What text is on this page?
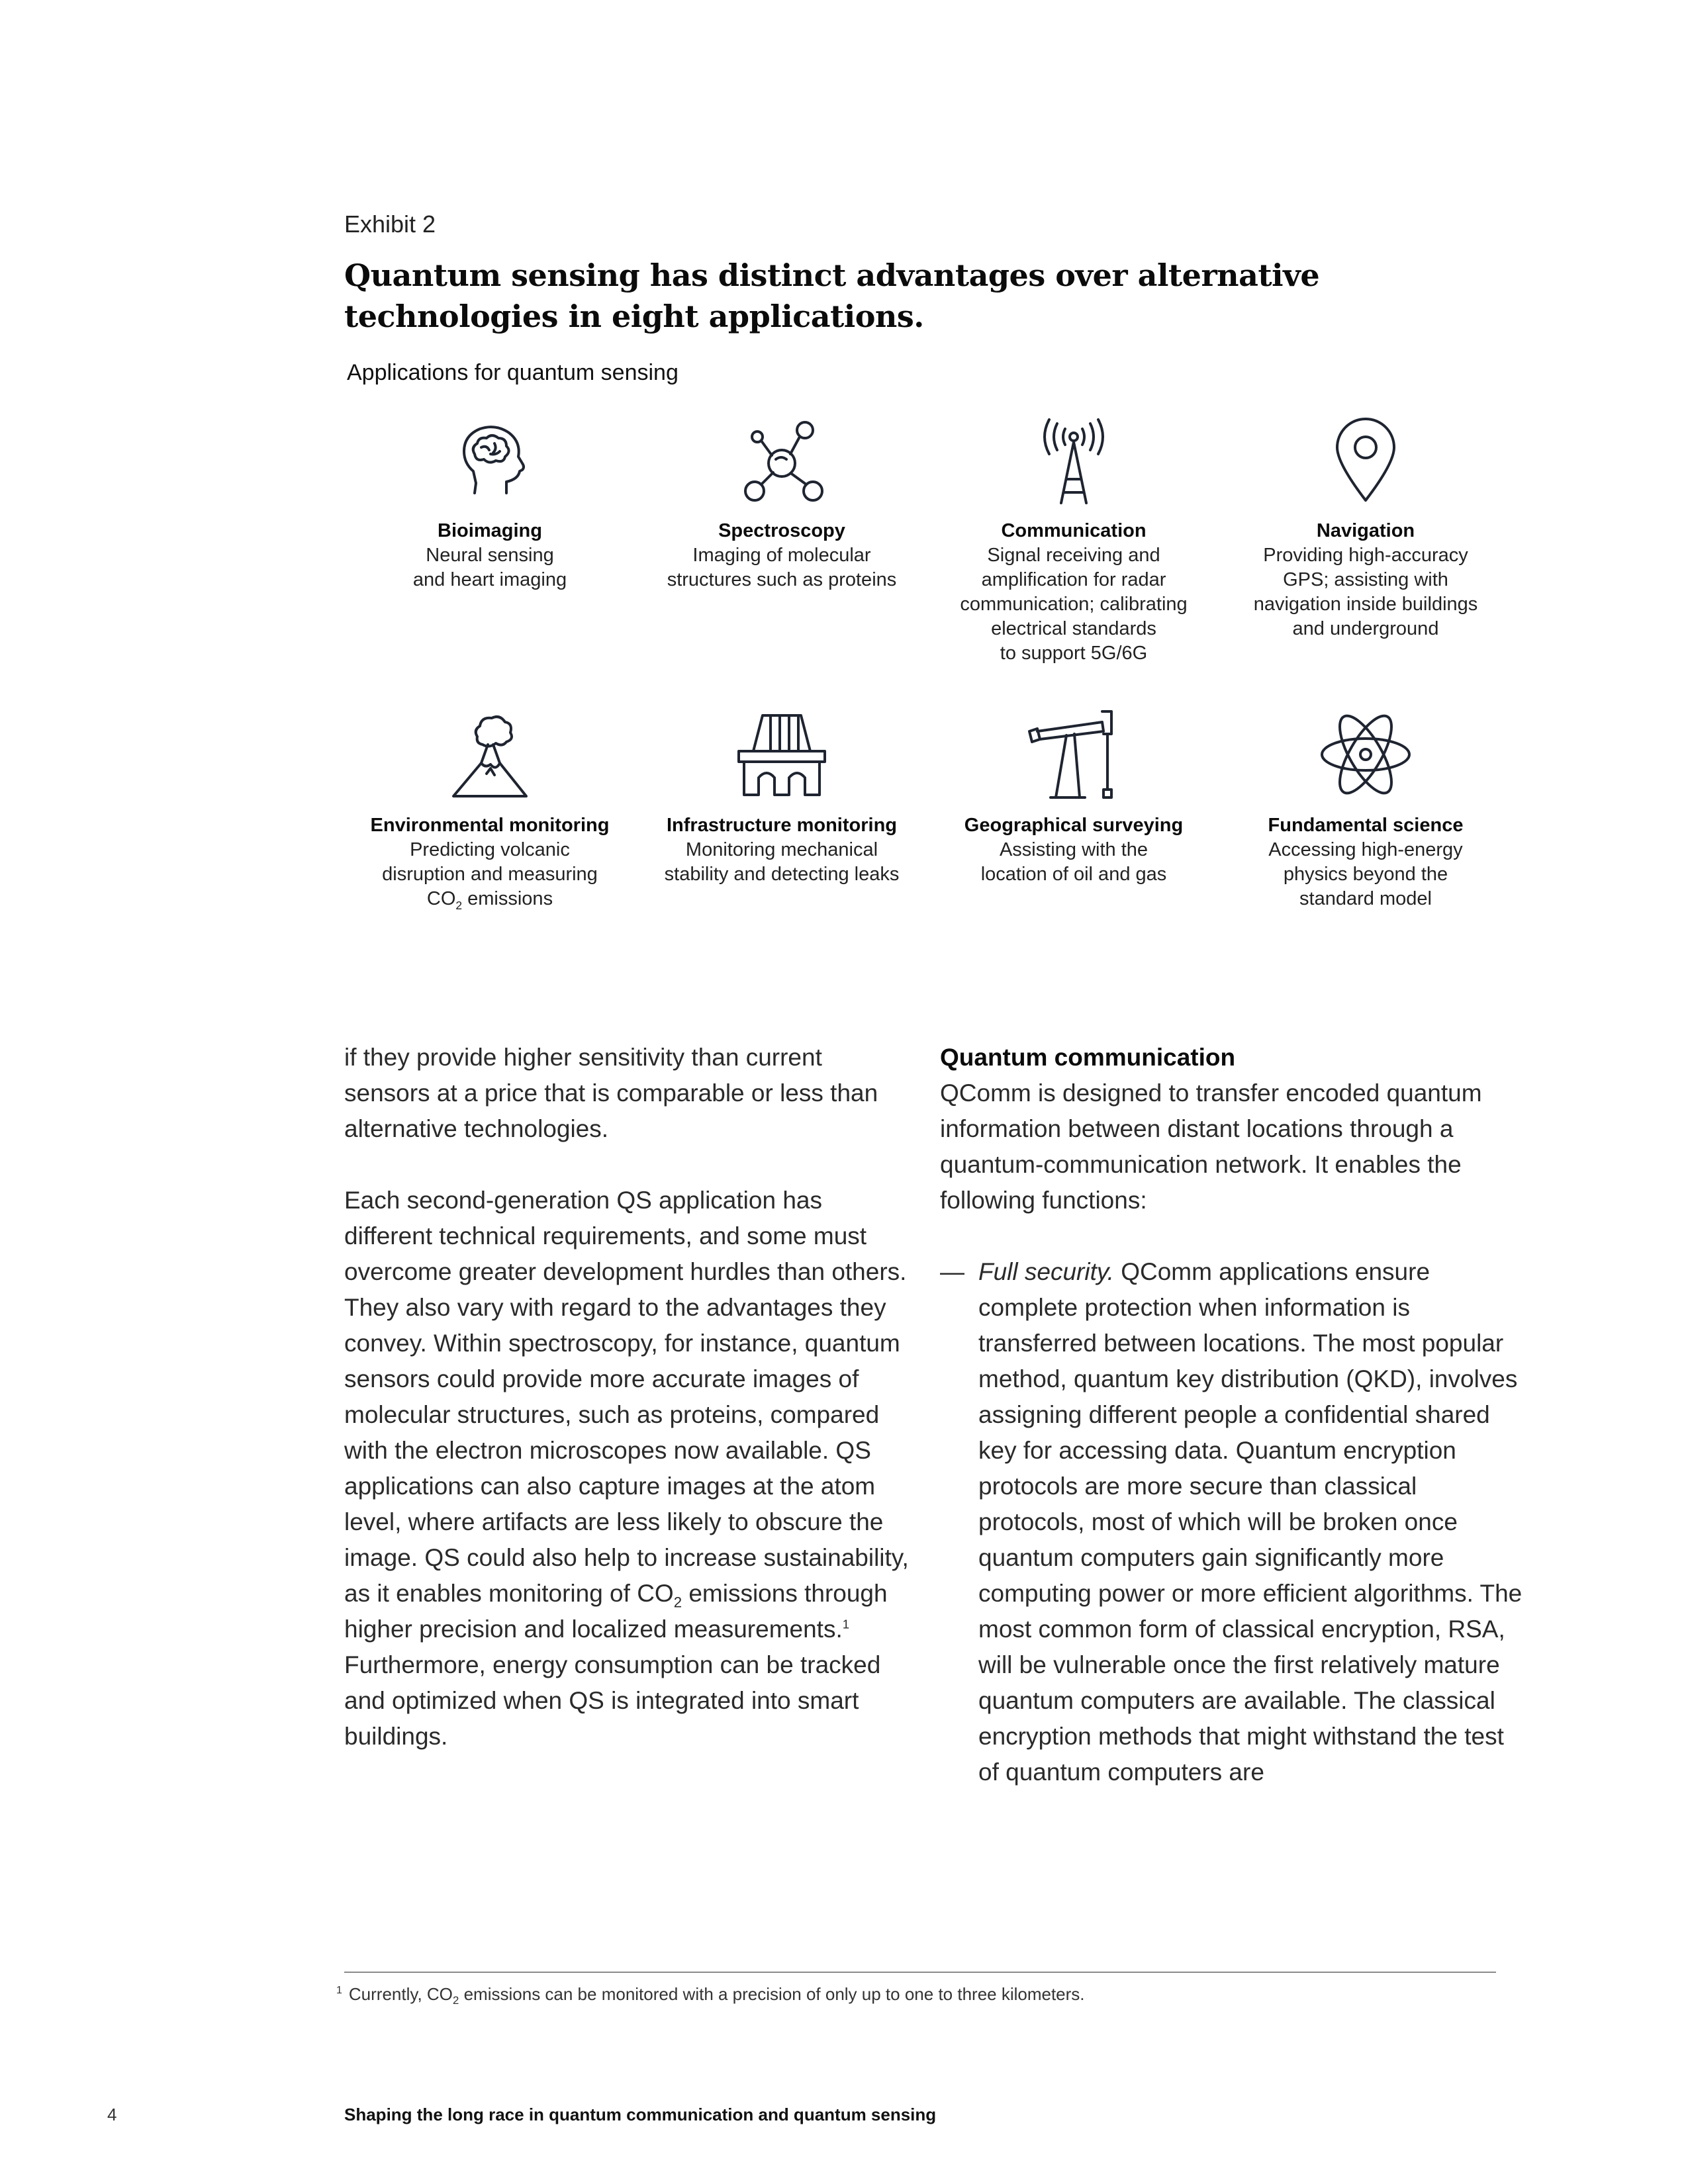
Exhibit 2
Quantum sensing has distinct advantages over alternative technologies in eight applications.
Applications for quantum sensing
Bioimaging
Neural sensing
and heart imaging
Spectroscopy
Imaging of molecular
structures such as proteins
Communication
Signal receiving and
amplification for radar
communication; calibrating
electrical standards
to support 5G/6G
Navigation
Providing high-accuracy
GPS; assisting with
navigation inside buildings
and underground
Environmental monitoring
Predicting volcanic
disruption and measuring
$CO_2$ emissions
Infrastructure monitoring
Monitoring mechanical
stability and detecting leaks
Geographical surveying
Assisting with the
location of oil and gas
Fundamental science
Accessing high-energy
physics beyond the
standard model

if they provide higher sensitivity than current sensors at a price that is comparable or less than alternative technologies.

Each second-generation QS application has different technical requirements, and some must overcome greater development hurdles than others. They also vary with regard to the advantages they convey. Within spectroscopy, for instance, quantum sensors could provide more accurate images of molecular structures, such as proteins, compared with the electron microscopes now available. QS applications can also capture images at the atom level, where artifacts are less likely to obscure the image. QS could also help to increase sustainability, as it enables monitoring of $CO_2$ emissions through higher precision and localized measurements.$^1$ Furthermore, energy consumption can be tracked and optimized when QS is integrated into smart buildings.

Quantum communication

QComm is designed to transfer encoded quantum information between distant locations through a quantum-communication network. It enables the following functions:

— Full security. QComm applications ensure complete protection when information is transferred between locations. The most popular method, quantum key distribution (QKD), involves assigning different people a confidential shared key for accessing data. Quantum encryption protocols are more secure than classical protocols, most of which will be broken once quantum computers gain significantly more computing power or more efficient algorithms. The most common form of classical encryption, RSA, will be vulnerable once the first relatively mature quantum computers are available. The classical encryption methods that might withstand the test of quantum computers are
$^1$ Currently, $CO_2$ emissions can be monitored with a precision of only up to one to three kilometers.
4	Shaping the long race in quantum communication and quantum sensing
